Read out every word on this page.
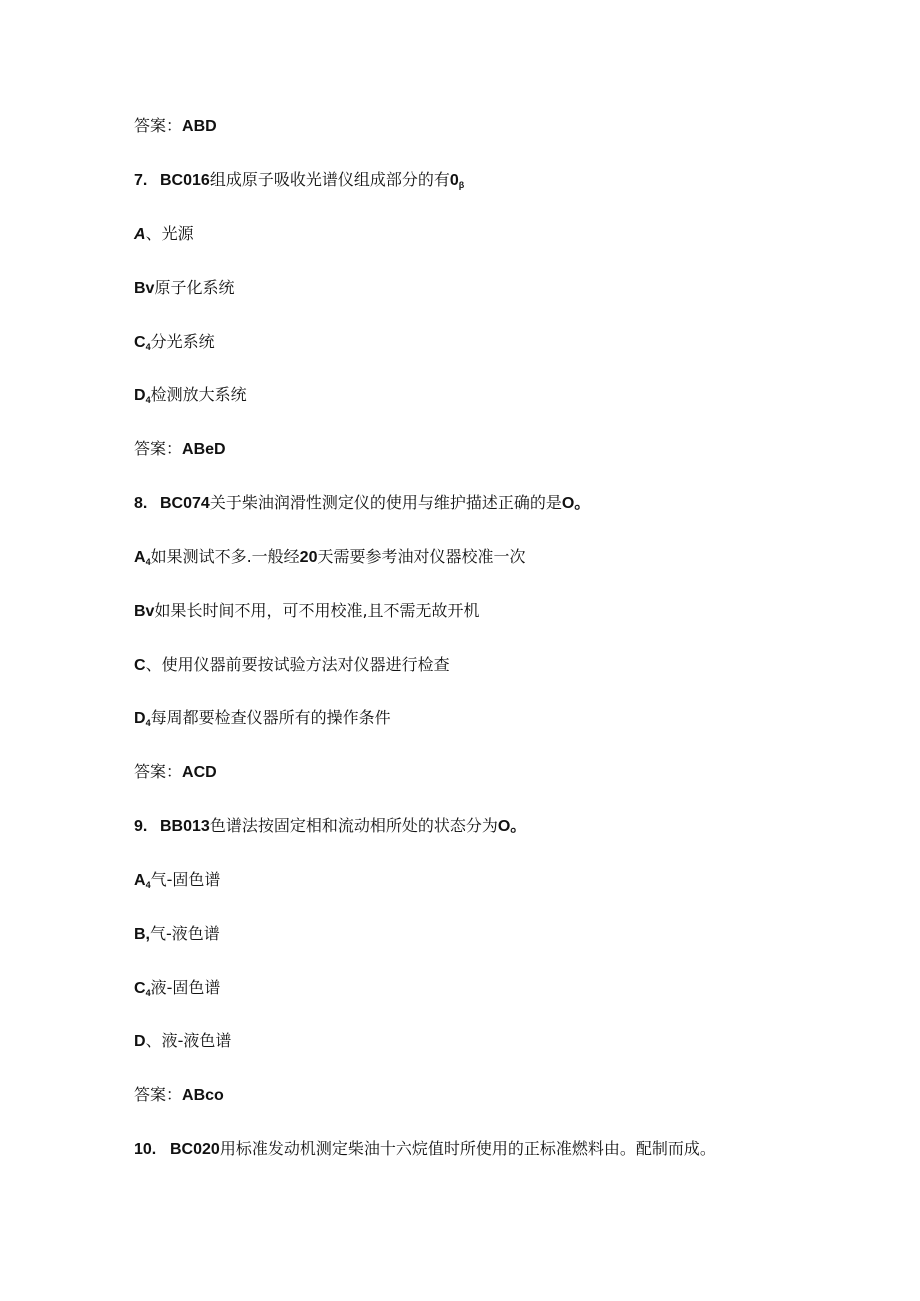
答案：ABD

7. BC016组成原子吸收光谱仪组成部分的有$0_\beta$

A、光源

Bv原子化系统

$C_4$分光系统

$D_4$检测放大系统

答案：ABeD

8. BC074关于柴油润滑性测定仪的使用与维护描述正确的是O。

$A_4$如果测试不多.一般经20天需要参考油对仪器校准一次

Bv如果长时间不用，可不用校准,且不需无故开机

C、使用仪器前要按试验方法对仪器进行检查

$D_4$每周都要检查仪器所有的操作条件

答案：ACD

9. BB013色谱法按固定相和流动相所处的状态分为O。

$A_4$气-固色谱

B,气-液色谱

$C_4$液-固色谱

D、液-液色谱

答案：ABco

10. BC020用标准发动机测定柴油十六烷值时所使用的正标准燃料由。配制而成。
